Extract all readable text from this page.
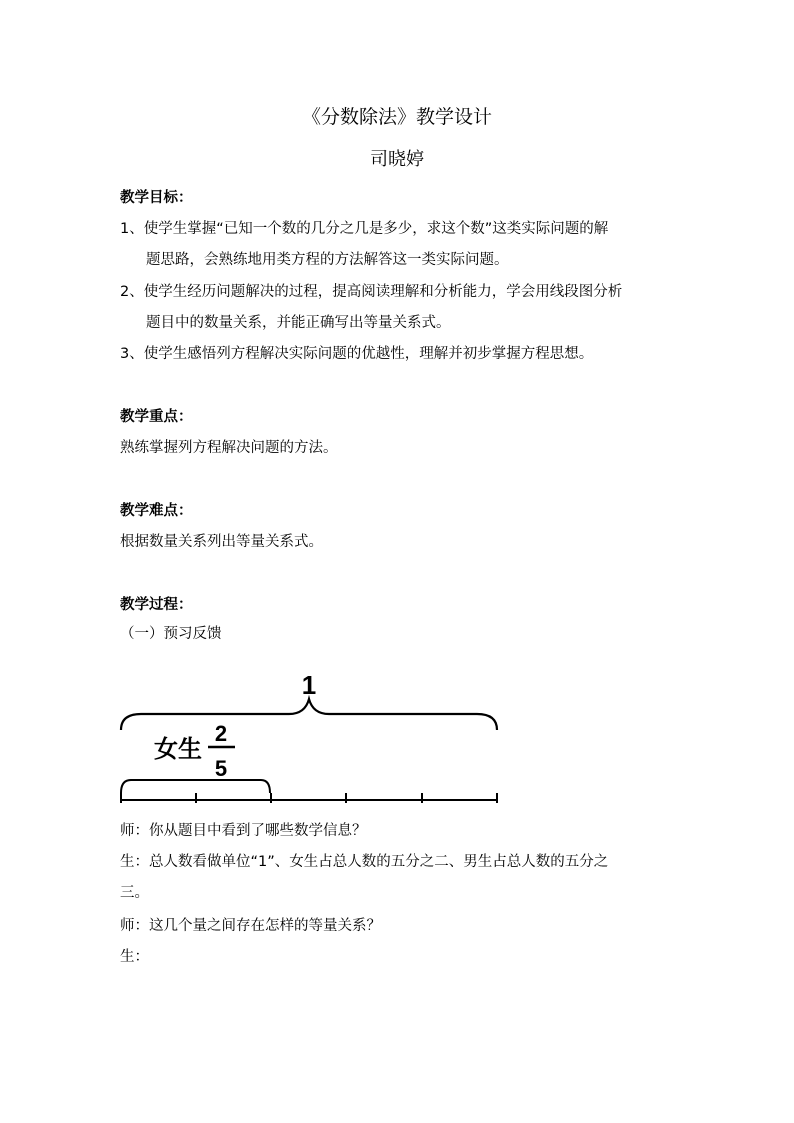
《分数除法》教学设计
司晓婷
教学目标：
1、使学生掌握“已知一个数的几分之几是多少，求这个数”这类实际问题的解
题思路，会熟练地用类方程的方法解答这一类实际问题。
2、使学生经历问题解决的过程，提高阅读理解和分析能力，学会用线段图分析
题目中的数量关系，并能正确写出等量关系式。
3、使学生感悟列方程解决实际问题的优越性，理解并初步掌握方程思想。
教学重点：
熟练掌握列方程解决问题的方法。
教学难点：
根据数量关系列出等量关系式。
教学过程：
（一）预习反馈
1
女生
2
5
师：你从题目中看到了哪些数学信息？
生：总人数看做单位“1”、女生占总人数的五分之二、男生占总人数的五分之
三。
师：这几个量之间存在怎样的等量关系？
生：
